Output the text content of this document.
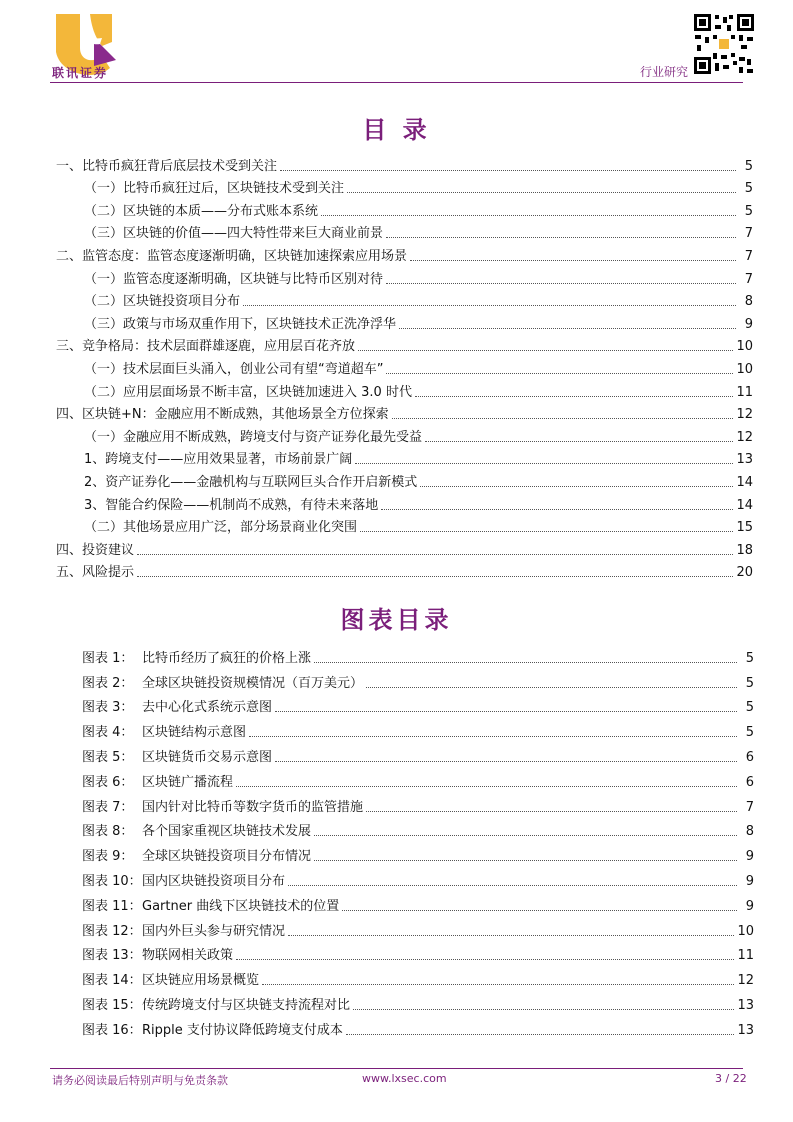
联讯证券	行业研究
目 录
一、比特币疯狂背后底层技术受到关注	5
（一）比特币疯狂过后，区块链技术受到关注	5
（二）区块链的本质——分布式账本系统	5
（三）区块链的价值——四大特性带来巨大商业前景	7
二、监管态度：监管态度逐渐明确，区块链加速探索应用场景	7
（一）监管态度逐渐明确，区块链与比特币区别对待	7
（二）区块链投资项目分布	8
（三）政策与市场双重作用下，区块链技术正洗净浮华	9
三、竞争格局：技术层面群雄逐鹿，应用层百花齐放	10
（一）技术层面巨头涌入，创业公司有望“弯道超车”	10
（二）应用层面场景不断丰富，区块链加速进入 3.0 时代	11
四、区块链+N：金融应用不断成熟，其他场景全方位探索	12
（一）金融应用不断成熟，跨境支付与资产证券化最先受益	12
1、跨境支付——应用效果显著，市场前景广阔	13
2、资产证券化——金融机构与互联网巨头合作开启新模式	14
3、智能合约保险——机制尚不成熟，有待未来落地	14
（二）其他场景应用广泛，部分场景商业化突围	15
四、投资建议	18
五、风险提示	20
图表目录
图表 1： 比特币经历了疯狂的价格上涨	5
图表 2： 全球区块链投资规模情况（百万美元）	5
图表 3： 去中心化式系统示意图	5
图表 4： 区块链结构示意图	5
图表 5： 区块链货币交易示意图	6
图表 6： 区块链广播流程	6
图表 7： 国内针对比特币等数字货币的监管措施	7
图表 8： 各个国家重视区块链技术发展	8
图表 9： 全球区块链投资项目分布情况	9
图表 10： 国内区块链投资项目分布	9
图表 11： Gartner 曲线下区块链技术的位置	9
图表 12： 国内外巨头参与研究情况	10
图表 13： 物联网相关政策	11
图表 14： 区块链应用场景概览	12
图表 15： 传统跨境支付与区块链支持流程对比	13
图表 16： Ripple 支付协议降低跨境支付成本	13
请务必阅读最后特别声明与免责条款	www.lxsec.com	3 / 22
